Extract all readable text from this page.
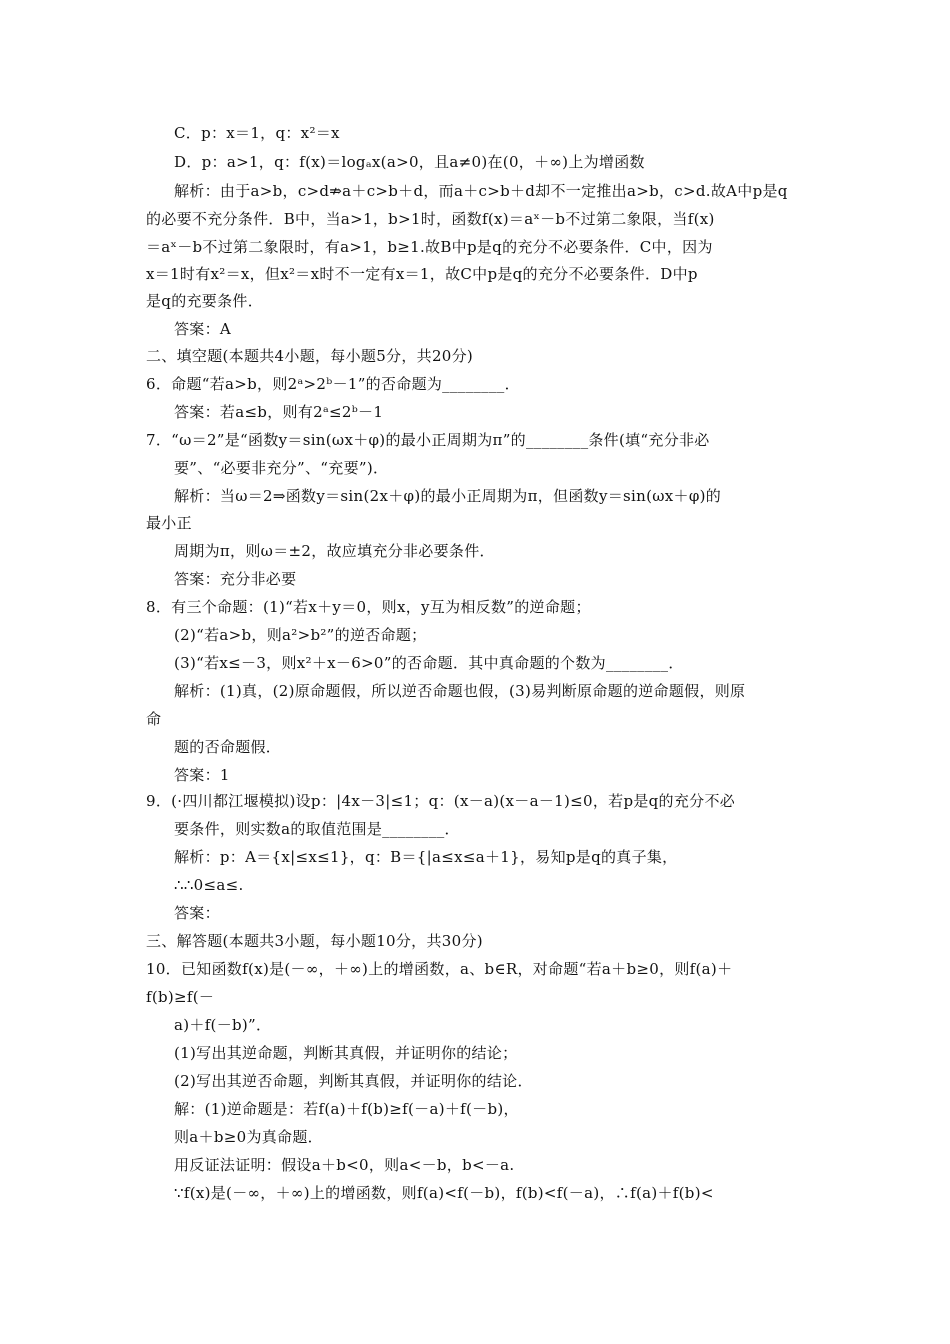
C．p：x＝1，q：x²＝x
D．p：a>1，q：f(x)＝logₐx(a>0，且a≠0)在(0，＋∞)上为增函数
解析：由于a>b，c>d⇏a＋c>b＋d，而a＋c>b＋d却不一定推出a>b，c>d.故A中p是q
的必要不充分条件．B中，当a>1，b>1时，函数f(x)＝aˣ－b不过第二象限，当f(x)
＝aˣ－b不过第二象限时，有a>1，b≥1.故B中p是q的充分不必要条件．C中，因为
x＝1时有x²＝x，但x²＝x时不一定有x＝1，故C中p是q的充分不必要条件．D中p
是q的充要条件．
答案：A
二、填空题(本题共4小题，每小题5分，共20分)
6．命题“若a>b，则2ᵃ>2ᵇ－1”的否命题为________．
答案：若a≤b，则有2ᵃ≤2ᵇ－1
7．“ω＝2”是“函数y＝sin(ωx＋φ)的最小正周期为π”的________条件(填“充分非必
要”、“必要非充分”、“充要”)．
解析：当ω＝2⇒函数y＝sin(2x＋φ)的最小正周期为π，但函数y＝sin(ωx＋φ)的
最小正
周期为π，则ω＝±2，故应填充分非必要条件．
答案：充分非必要
8．有三个命题：(1)“若x＋y＝0，则x，y互为相反数”的逆命题；
(2)“若a>b，则a²>b²”的逆否命题；
(3)“若x≤－3，则x²＋x－6>0”的否命题．其中真命题的个数为________．
解析：(1)真，(2)原命题假，所以逆否命题也假，(3)易判断原命题的逆命题假，则原
命
题的否命题假．
答案：1
9．(·四川都江堰模拟)设p：|4x－3|≤1；q：(x－a)(x－a－1)≤0，若p是q的充分不必
要条件，则实数a的取值范围是________．
解析：p：A＝{x|≤x≤1}，q：B＝{|a≤x≤a＋1}，易知p是q的真子集，
∴∴0≤a≤.
答案：
三、解答题(本题共3小题，每小题10分，共30分)
10．已知函数f(x)是(－∞，＋∞)上的增函数，a、b∈R，对命题“若a＋b≥0，则f(a)＋
f(b)≥f(－
a)＋f(－b)”．
(1)写出其逆命题，判断其真假，并证明你的结论；
(2)写出其逆否命题，判断其真假，并证明你的结论．
解：(1)逆命题是：若f(a)＋f(b)≥f(－a)＋f(－b)，
则a＋b≥0为真命题．
用反证法证明：假设a＋b<0，则a<－b，b<－a.
∵f(x)是(－∞，＋∞)上的增函数，则f(a)<f(－b)，f(b)<f(－a)，∴f(a)＋f(b)<
